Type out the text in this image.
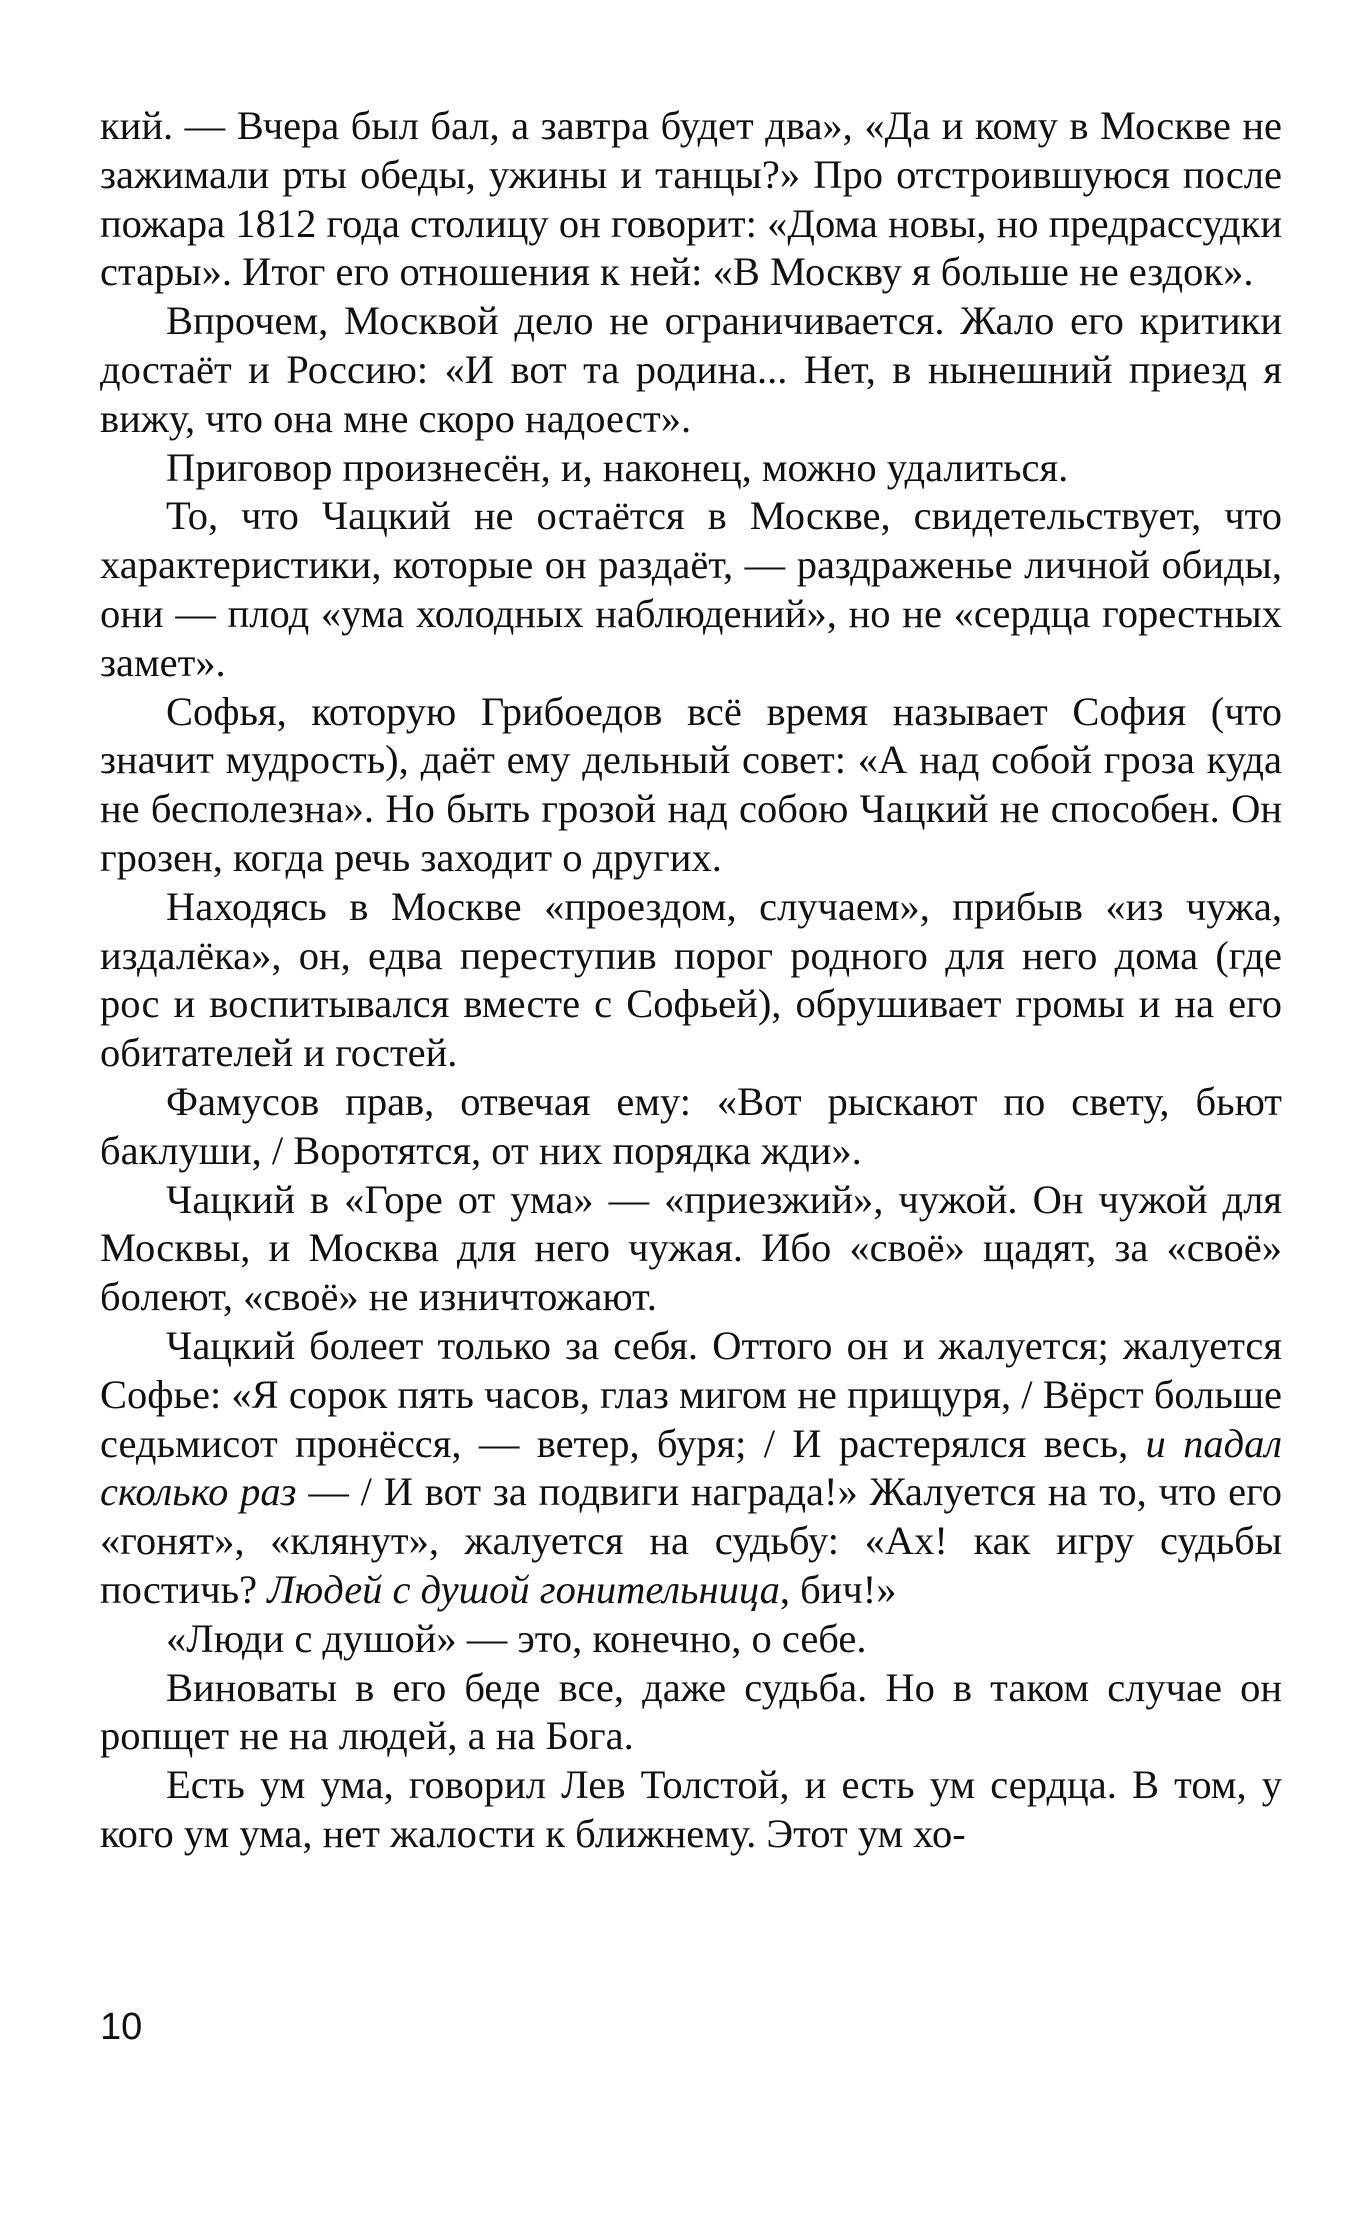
кий. — Вчера был бал, а завтра будет два», «Да и кому в Москве не зажимали рты обеды, ужины и танцы?» Про отстроившуюся после пожара 1812 года столицу он говорит: «Дома новы, но предрассудки стары». Итог его отношения к ней: «В Москву я больше не ездок».

Впрочем, Москвой дело не ограничивается. Жало его критики достаёт и Россию: «И вот та родина... Нет, в нынешний приезд я вижу, что она мне скоро надоест».

Приговор произнесён, и, наконец, можно удалиться.

То, что Чацкий не остаётся в Москве, свидетельствует, что характеристики, которые он раздаёт, — раздраженье личной обиды, они — плод «ума холодных наблюдений», но не «сердца горестных замет».

Софья, которую Грибоедов всё время называет София (что значит мудрость), даёт ему дельный совет: «А над собой гроза куда не бесполезна». Но быть грозой над собою Чацкий не способен. Он грозен, когда речь заходит о других.

Находясь в Москве «проездом, случаем», прибыв «из чужа, издалёка», он, едва переступив порог родного для него дома (где рос и воспитывался вместе с Софьей), обрушивает громы и на его обитателей и гостей.

Фамусов прав, отвечая ему: «Вот рыскают по свету, бьют баклуши, / Воротятся, от них порядка жди».

Чацкий в «Горе от ума» — «приезжий», чужой. Он чужой для Москвы, и Москва для него чужая. Ибо «своё» щадят, за «своё» болеют, «своё» не изничтожают.

Чацкий болеет только за себя. Оттого он и жалуется; жалуется Софье: «Я сорок пять часов, глаз мигом не прищуря, / Вёрст больше седьмисот пронёсся, — ветер, буря; / И растерялся весь, и падал сколько раз — / И вот за подвиги награда!» Жалуется на то, что его «гонят», «клянут», жалуется на судьбу: «Ах! как игру судьбы постичь? Людей с душой гонительница, бич!»

«Люди с душой» — это, конечно, о себе.

Виноваты в его беде все, даже судьба. Но в таком случае он ропщет не на людей, а на Бога.

Есть ум ума, говорил Лев Толстой, и есть ум сердца. В том, у кого ум ума, нет жалости к ближнему. Этот ум хо-

10
